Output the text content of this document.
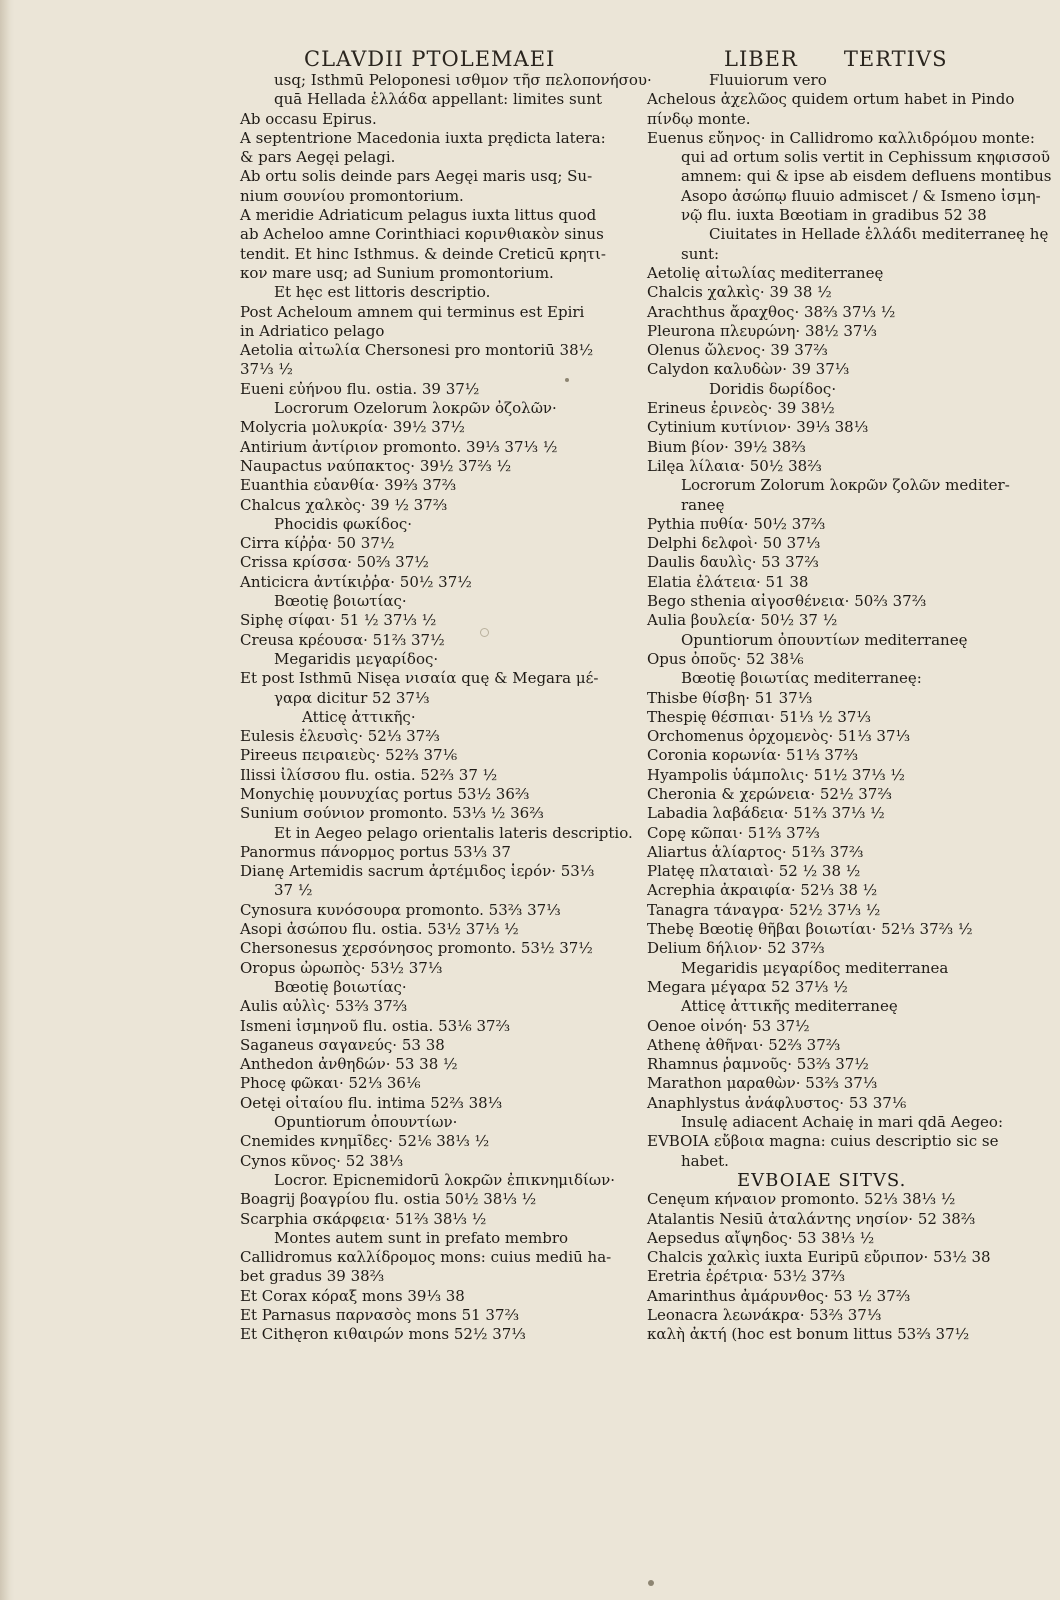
CLAVDII PTOLEMAEI	LIBER      TERTIVS
usq; Isthmū Peloponesi ισθμον τῆσ πελοπονήσου·
quā Hellada ἑλλάδα appellant: limites sunt
Ab occasu Epirus.
A septentrione Macedonia iuxta prędicta latera:
& pars Aegęi pelagi.
Ab ortu solis deinde pars Aegęi maris usq; Su-
nium σουνίου promontorium.
A meridie Adriaticum pelagus iuxta littus quod
ab Acheloo amne Corinthiaci κορινθιακὸν sinus
tendit. Et hinc Isthmus. & deinde Creticū κρητι-
κον mare usq; ad Sunium promontorium.
Et hęc est littoris descriptio.
Post Acheloum amnem qui terminus est Epiri
in Adriatico pelago
Aetolia αἰτωλία Chersonesi pro montoriū 38½
37⅓ ½
Eueni εὐήνου flu. ostia. 39 37½
Locrorum Ozelorum λοκρῶν ὀζολῶν·
Molycria μολυκρία· 39½ 37½
Antirium ἀντίριον promonto. 39⅓ 37⅓ ½
Naupactus ναύπακτος· 39½ 37⅔ ½
Euanthia εὐανθία· 39⅔ 37⅔
Chalcus χαλκὸς· 39 ½ 37⅔
Phocidis φωκίδος·
Cirra κίῤῥα· 50 37½
Crissa κρίσσα· 50⅔ 37½
Anticicra ἀντίκιῤῥα· 50½ 37½
Bœotię βοιωτίας·
Siphę σίφαι· 51 ½ 37⅓ ½
Creusa κρέουσα· 51⅔ 37½
Megaridis μεγαρίδος·
Et post Isthmū Nisęa νισαία quę & Megara μέ-
γαρα dicitur 52 37⅓
Atticę ἀττικῆς·
Eulesis ἐλευσὶς· 52⅓ 37⅔
Pireeus πειραιεὺς· 52⅔ 37⅙
Ilissi ἰλίσσου flu. ostia. 52⅔ 37 ½
Monychię μουνυχίας portus 53½ 36⅔
Sunium σούνιον promonto. 53⅓ ½ 36⅔
Et in Aegeo pelago orientalis lateris descriptio.
Panormus πάνορμος portus 53⅓ 37
Dianę Artemidis sacrum ἀρτέμιδος ἱερόν· 53⅓
37 ½
Cynosura κυνόσουρα promonto. 53⅔ 37⅓
Asopi ἀσώπου flu. ostia. 53½ 37⅓ ½
Chersonesus χερσόνησος promonto. 53½ 37½
Oropus ὠρωπὸς· 53½ 37⅓
Bœotię βοιωτίας·
Aulis αὐλὶς· 53⅔ 37⅔
Ismeni ἰσμηνοῦ flu. ostia. 53⅙ 37⅔
Saganeus σαγανεύς· 53 38
Anthedon ἀνθηδών· 53 38 ½
Phocę φῶκαι· 52⅓ 36⅙
Oetęi οἰταίου flu. intima 52⅔ 38⅓
Opuntiorum ὀπουντίων·
Cnemides κνημῖδες· 52⅙ 38⅓ ½
Cynos κῦνος· 52 38⅓
Locror. Epicnemidorū λοκρῶν ἐπικνημιδίων·
Boagrij βοαγρίου flu. ostia 50½ 38⅓ ½
Scarphia σκάρφεια· 51⅔ 38⅓ ½
Montes autem sunt in prefato membro
Callidromus καλλίδρομος mons: cuius mediū ha-
bet gradus 39 38⅔
Et Corax κόραξ mons 39⅓ 38
Et Parnasus παρνασὸς mons 51 37⅔
Et Cithęron κιθαιρών mons 52½ 37⅓
Fluuiorum vero
Achelous ἀχελῶος quidem ortum habet in Pindo
πίνδῳ monte.
Euenus εὔηνος· in Callidromo καλλιδρόμου monte:
qui ad ortum solis vertit in Cephissum κηφισσοῦ
amnem: qui & ipse ab eisdem defluens montibus
Asopo ἀσώπῳ fluuio admiscet / & Ismeno ἰσμη-
νῷ flu. iuxta Bœotiam in gradibus 52 38
Ciuitates in Hellade ἑλλάδι mediterraneę hę
sunt:
Aetolię αἰτωλίας mediterraneę
Chalcis χαλκὶς· 39 38 ½
Arachthus ἄραχθος· 38⅔ 37⅓ ½
Pleurona πλευρώνη· 38½ 37⅓
Olenus ὤλενος· 39 37⅔
Calydon καλυδὼν· 39 37⅓
Doridis δωρίδος·
Erineus ἐρινεὸς· 39 38½
Cytinium κυτίνιον· 39⅓ 38⅓
Bium βίον· 39½ 38⅔
Lilęa λίλαια· 50½ 38⅔
Locrorum Zolorum λοκρῶν ζολῶν mediter-
raneę
Pythia πυθία· 50½ 37⅔
Delphi δελφοὶ· 50 37⅓
Daulis δαυλὶς· 53 37⅔
Elatia ἐλάτεια· 51 38
Bego sthenia αἰγοσθένεια· 50⅔ 37⅔
Aulia βουλεία· 50½ 37 ½
Opuntiorum ὀπουντίων mediterraneę
Opus ὀποῦς· 52 38⅙
Bœotię βοιωτίας mediterraneę:
Thisbe θίσβη· 51 37⅓
Thespię θέσπιαι· 51⅓ ½ 37⅓
Orchomenus ὀρχομενὸς· 51⅓ 37⅓
Coronia κορωνία· 51⅓ 37⅔
Hyampolis ὑάμπολις· 51½ 37⅓ ½
Cheronia & χερώνεια· 52½ 37⅔
Labadia λαβάδεια· 51⅔ 37⅓ ½
Copę κῶπαι· 51⅔ 37⅔
Aliartus ἁλίαρτος· 51⅔ 37⅔
Platęę πλαταιαὶ· 52 ½ 38 ½
Acrephia ἀκραιφία· 52⅓ 38 ½
Tanagra τάναγρα· 52½ 37⅓ ½
Thebę Bœotię θῆβαι βοιωτίαι· 52⅓ 37⅔ ½
Delium δήλιον· 52 37⅔
Megaridis μεγαρίδος mediterranea
Megara μέγαρα 52 37⅓ ½
Atticę ἀττικῆς mediterraneę
Oenoe οἰνόη· 53 37½
Athenę ἀθῆναι· 52⅔ 37⅔
Rhamnus ῥαμνοῦς· 53⅔ 37½
Marathon μαραθὼν· 53⅔ 37⅓
Anaphlystus ἀνάφλυστος· 53 37⅙
Insulę adiacent Achaię in mari qdā Aegeo:
EVBOIA εὔβοια magna: cuius descriptio sic se
habet.
EVBOIAE SITVS.
Cenęum κήναιον promonto. 52⅓ 38⅓ ½
Atalantis Nesiū ἀταλάντης νησίον· 52 38⅔
Aepsedus αἴψηδος· 53 38⅓ ½
Chalcis χαλκὶς iuxta Euripū εὔριπον· 53½ 38
Eretria ἐρέτρια· 53½ 37⅔
Amarinthus ἀμάρυνθος· 53 ½ 37⅔
Leonacra λεωνάκρα· 53⅔ 37⅓
καλὴ ἀκτή (hoc est bonum littus 53⅔ 37½
